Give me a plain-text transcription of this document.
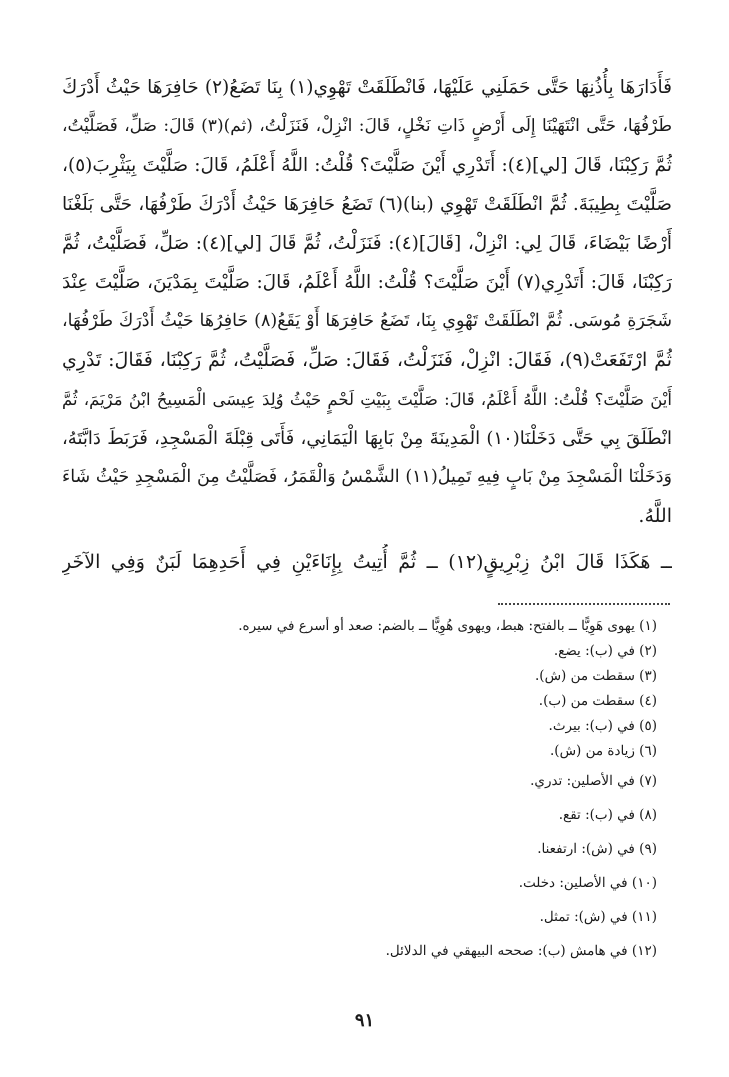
فَأَدَارَهَا بِأُذُنِهَا حَتَّى حَمَلَنِي عَلَيْهَا، فَانْطَلَقَتْ تَهْوِي(١) بِنَا تَضَعُ(٢) حَافِرَهَا حَيْثُ أَدْرَكَ
طَرْفُهَا، حَتَّى انْتَهَيْنَا إِلَى أَرْضٍ ذَاتِ نَخْلٍ، قَالَ: انْزِلْ، فَنَزَلْتُ، (ثم)(٣) قَالَ: صَلِّ، فَصَلَّيْتُ،
ثُمَّ رَكِبْنَا، قَالَ [لي](٤): أَتَدْرِي أَيْنَ صَلَّيْتَ؟ قُلْتُ: اللَّهُ أَعْلَمُ، قَالَ: صَلَّيْتَ بِيَثْرِبَ(٥)،
صَلَّيْتَ بِطِيبَةَ. ثُمَّ انْطَلَقَتْ تَهْوِي (بنا)(٦) تَضَعُ حَافِرَهَا حَيْثُ أَدْرَكَ طَرْفُهَا، حَتَّى بَلَغْنَا
أَرْضًا بَيْضَاءَ، قَالَ لِي: انْزِلْ، [قَالَ](٤): فَنَزَلْتُ، ثُمَّ قَالَ [لي](٤): صَلِّ، فَصَلَّيْتُ، ثُمَّ
رَكِبْنَا، قَالَ: أَتَدْرِي(٧) أَيْنَ صَلَّيْتَ؟ قُلْتُ: اللَّهُ أَعْلَمُ، قَالَ: صَلَّيْتَ بِمَدْيَنَ، صَلَّيْتَ عِنْدَ
شَجَرَةِ مُوسَى. ثُمَّ انْطَلَقَتْ تَهْوِي بِنَا، تَضَعُ حَافِرَهَا أَوْ يَقَعُ(٨) حَافِرُهَا حَيْثُ أَدْرَكَ طَرْفُهَا،
ثُمَّ ارْتَفَعَتْ(٩)، فَقَالَ: انْزِلْ، فَنَزَلْتُ، فَقَالَ: صَلِّ، فَصَلَّيْتُ، ثُمَّ رَكِبْنَا، فَقَالَ: تَدْرِي
أَيْنَ صَلَّيْتَ؟ قُلْتُ: اللَّهُ أَعْلَمُ، قَالَ: صَلَّيْتَ بِبَيْتِ لَحْمٍ حَيْثُ وُلِدَ عِيسَى الْمَسِيحُ ابْنُ مَرْيَمَ، ثُمَّ
انْطَلَقَ بِي حَتَّى دَخَلْنَا(١٠) الْمَدِينَةَ مِنْ بَابِهَا الْيَمَانِي، فَأَتَى قِبْلَةَ الْمَسْجِدِ، فَرَبَطَ دَابَّتَهُ،
وَدَخَلْنَا الْمَسْجِدَ مِنْ بَابٍ فِيهِ تَمِيلُ(١١) الشَّمْسُ وَالْقَمَرُ، فَصَلَّيْتُ مِنَ الْمَسْجِدِ حَيْثُ شَاءَ
اللَّهُ.
ــ هَكَذَا قَالَ ابْنُ زِبْرِيقٍ(١٢) ــ ثُمَّ أُتِيتُ بِإِنَاءَيْنِ فِي أَحَدِهِمَا لَبَنٌ وَفِي الآخَرِ
(١) يهوى هَوِيًّا ــ بالفتح: هبط، ويهوى هُوِيًّا ــ بالضم: صعد أو أسرع في سيره.
(٢) في (ب): يضع.
(٣) سقطت من (ش).
(٤) سقطت من (ب).
(٥) في (ب): بيرث.
(٦) زيادة من (ش).
(٧) في الأصلين: تدري.
(٨) في (ب): تقع.
(٩) في (ش): ارتفعنا.
(١٠) في الأصلين: دخلت.
(١١) في (ش): تمثل.
(١٢) في هامش (ب): صححه البيهقي في الدلائل.
٩١
